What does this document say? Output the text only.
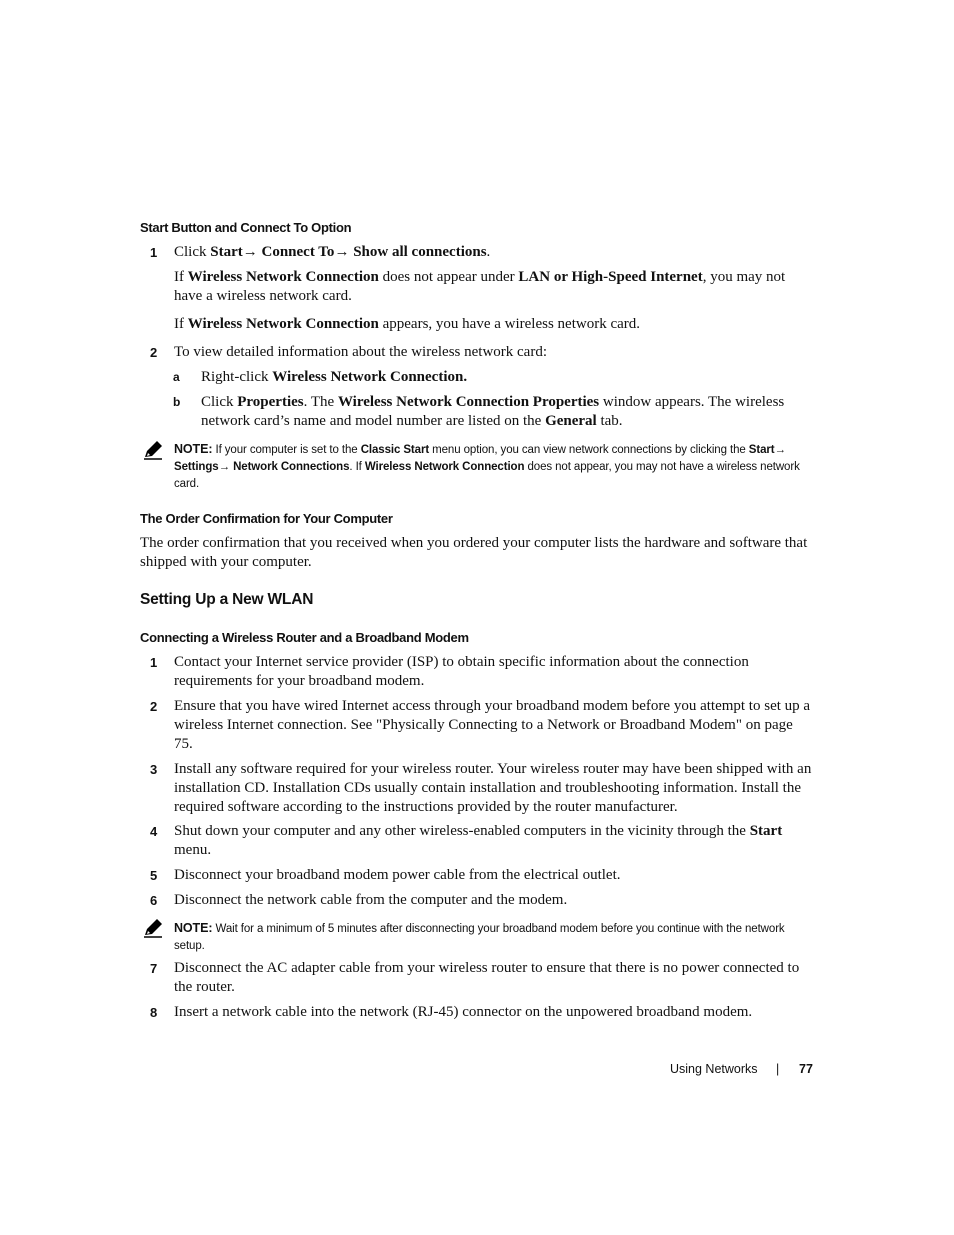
Start Button and Connect To Option
1	Click Start→ Connect To→ Show all connections.
If Wireless Network Connection does not appear under LAN or High-Speed Internet, you may not have a wireless network card.
If Wireless Network Connection appears, you have a wireless network card.
2	To view detailed information about the wireless network card:
a	Right-click Wireless Network Connection.
b	Click Properties. The Wireless Network Connection Properties window appears. The wireless network card’s name and model number are listed on the General tab.
NOTE: If your computer is set to the Classic Start menu option, you can view network connections by clicking the Start→ Settings→ Network Connections. If Wireless Network Connection does not appear, you may not have a wireless network card.
The Order Confirmation for Your Computer
The order confirmation that you received when you ordered your computer lists the hardware and software that shipped with your computer.
Setting Up a New WLAN
Connecting a Wireless Router and a Broadband Modem
1	Contact your Internet service provider (ISP) to obtain specific information about the connection requirements for your broadband modem.
2	Ensure that you have wired Internet access through your broadband modem before you attempt to set up a wireless Internet connection. See "Physically Connecting to a Network or Broadband Modem" on page 75.
3	Install any software required for your wireless router. Your wireless router may have been shipped with an installation CD. Installation CDs usually contain installation and troubleshooting information. Install the required software according to the instructions provided by the router manufacturer.
4	Shut down your computer and any other wireless-enabled computers in the vicinity through the Start menu.
5	Disconnect your broadband modem power cable from the electrical outlet.
6	Disconnect the network cable from the computer and the modem.
NOTE: Wait for a minimum of 5 minutes after disconnecting your broadband modem before you continue with the network setup.
7	Disconnect the AC adapter cable from your wireless router to ensure that there is no power connected to the router.
8	Insert a network cable into the network (RJ-45) connector on the unpowered broadband modem.
Using Networks | 77
